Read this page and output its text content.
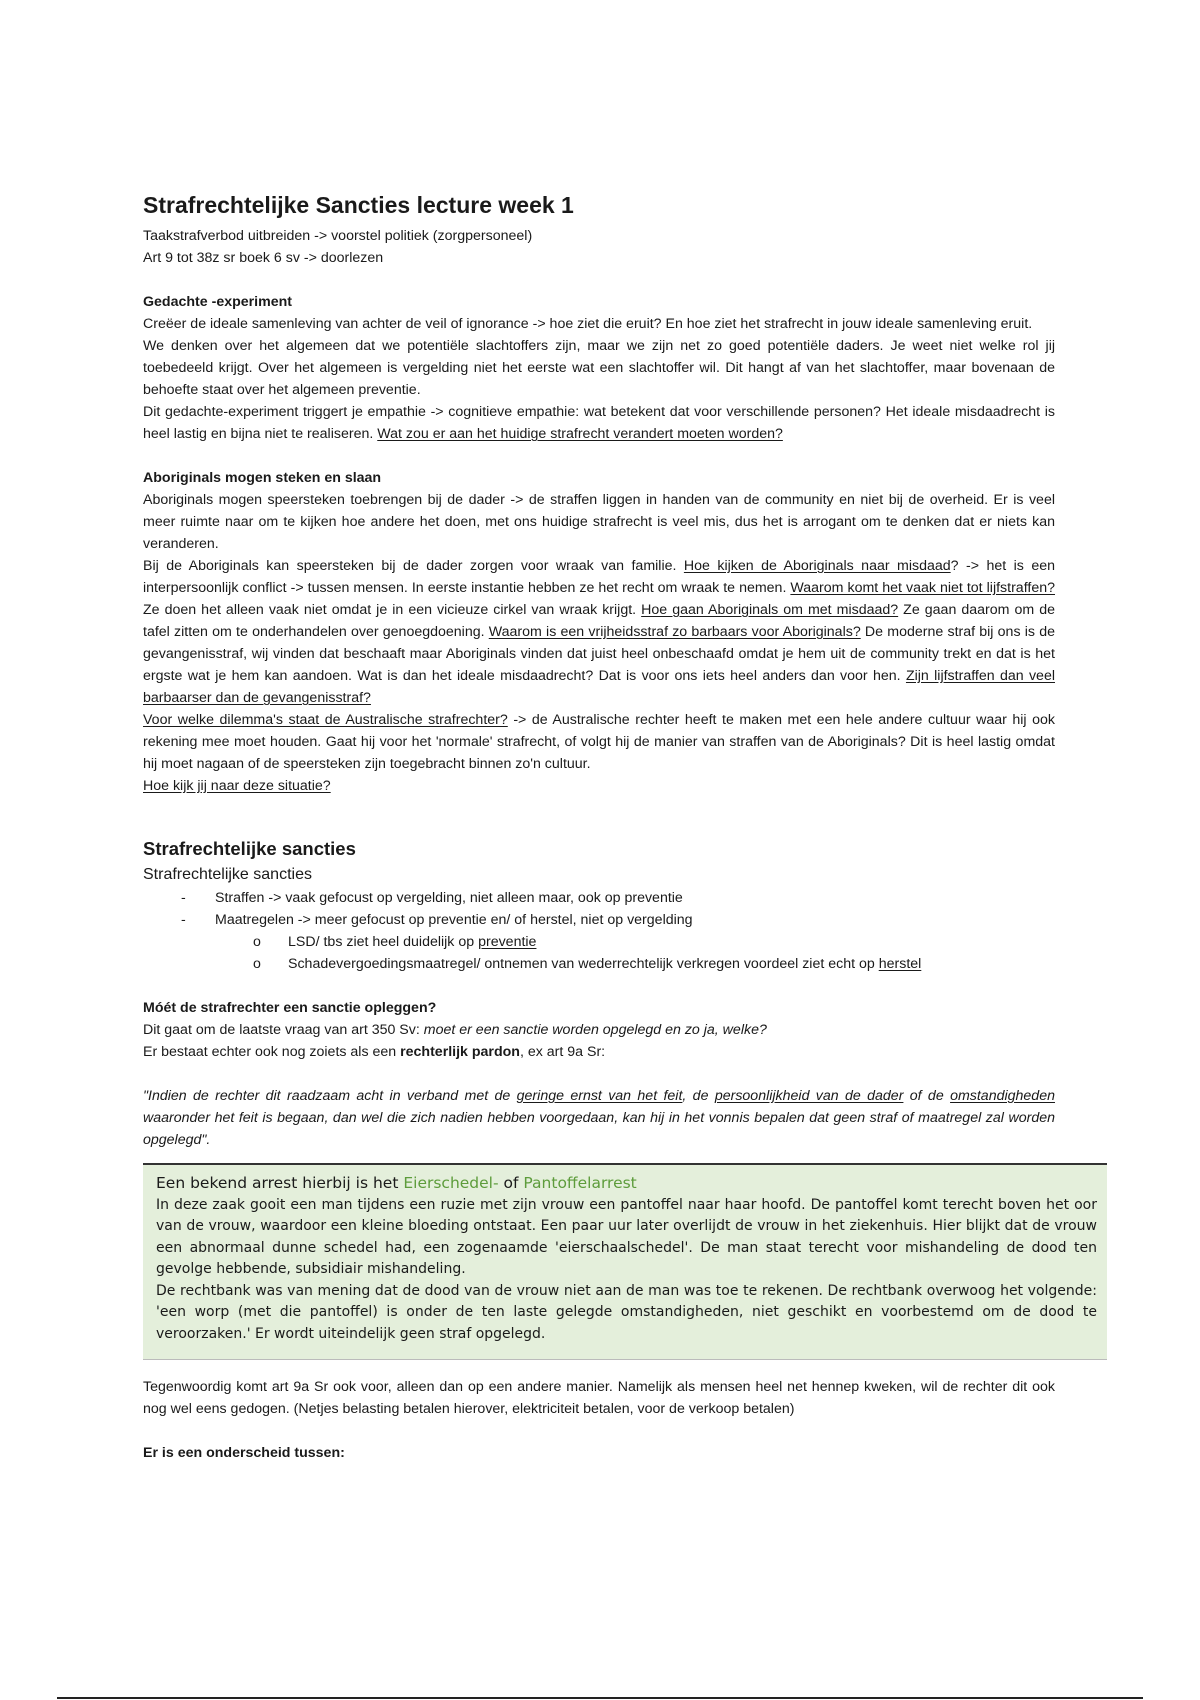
Strafrechtelijke Sancties lecture week 1

Taakstrafverbod uitbreiden -> voorstel politiek (zorgpersoneel)

Art 9 tot 38z sr boek 6 sv -> doorlezen

Gedachte -experiment

Creëer de ideale samenleving van achter de veil of ignorance -> hoe ziet die eruit? En hoe ziet het strafrecht in jouw ideale samenleving eruit.

We denken over het algemeen dat we potentiële slachtoffers zijn, maar we zijn net zo goed potentiële daders. Je weet niet welke rol jij toebedeeld krijgt. Over het algemeen is vergelding niet het eerste wat een slachtoffer wil. Dit hangt af van het slachtoffer, maar bovenaan de behoefte staat over het algemeen preventie.

Dit gedachte-experiment triggert je empathie -> cognitieve empathie: wat betekent dat voor verschillende personen? Het ideale misdaadrecht is heel lastig en bijna niet te realiseren. Wat zou er aan het huidige strafrecht verandert moeten worden?

Aboriginals mogen steken en slaan

Aboriginals mogen speersteken toebrengen bij de dader -> de straffen liggen in handen van de community en niet bij de overheid. Er is veel meer ruimte naar om te kijken hoe andere het doen, met ons huidige strafrecht is veel mis, dus het is arrogant om te denken dat er niets kan veranderen.

Bij de Aboriginals kan speersteken bij de dader zorgen voor wraak van familie. Hoe kijken de Aboriginals naar misdaad? -> het is een interpersoonlijk conflict -> tussen mensen. In eerste instantie hebben ze het recht om wraak te nemen. Waarom komt het vaak niet tot lijfstraffen? Ze doen het alleen vaak niet omdat je in een vicieuze cirkel van wraak krijgt. Hoe gaan Aboriginals om met misdaad? Ze gaan daarom om de tafel zitten om te onderhandelen over genoegdoening. Waarom is een vrijheidsstraf zo barbaars voor Aboriginals? De moderne straf bij ons is de gevangenisstraf, wij vinden dat beschaaft maar Aboriginals vinden dat juist heel onbeschaafd omdat je hem uit de community trekt en dat is het ergste wat je hem kan aandoen. Wat is dan het ideale misdaadrecht? Dat is voor ons iets heel anders dan voor hen. Zijn lijfstraffen dan veel barbaarser dan de gevangenisstraf?

Voor welke dilemma's staat de Australische strafrechter? -> de Australische rechter heeft te maken met een hele andere cultuur waar hij ook rekening mee moet houden. Gaat hij voor het 'normale' strafrecht, of volgt hij de manier van straffen van de Aboriginals? Dit is heel lastig omdat hij moet nagaan of de speersteken zijn toegebracht binnen zo'n cultuur.

Hoe kijk jij naar deze situatie?

Strafrechtelijke sancties

Strafrechtelijke sancties

- Straffen -> vaak gefocust op vergelding, niet alleen maar, ook op preventie
- Maatregelen -> meer gefocust op preventie en/ of herstel, niet op vergelding
o LSD/ tbs ziet heel duidelijk op preventie
o Schadevergoedingsmaatregel/ ontnemen van wederrechtelijk verkregen voordeel ziet echt op herstel

Móét de strafrechter een sanctie opleggen?

Dit gaat om de laatste vraag van art 350 Sv: moet er een sanctie worden opgelegd en zo ja, welke?

Er bestaat echter ook nog zoiets als een rechterlijk pardon, ex art 9a Sr:

"Indien de rechter dit raadzaam acht in verband met de geringe ernst van het feit, de persoonlijkheid van de dader of de omstandigheden waaronder het feit is begaan, dan wel die zich nadien hebben voorgedaan, kan hij in het vonnis bepalen dat geen straf of maatregel zal worden opgelegd".

Een bekend arrest hierbij is het Eierschedel- of Pantoffelarrest

In deze zaak gooit een man tijdens een ruzie met zijn vrouw een pantoffel naar haar hoofd. De pantoffel komt terecht boven het oor van de vrouw, waardoor een kleine bloeding ontstaat. Een paar uur later overlijdt de vrouw in het ziekenhuis. Hier blijkt dat de vrouw een abnormaal dunne schedel had, een zogenaamde 'eierschaalschedel'. De man staat terecht voor mishandeling de dood ten gevolge hebbende, subsidiair mishandeling.

De rechtbank was van mening dat de dood van de vrouw niet aan de man was toe te rekenen. De rechtbank overwoog het volgende: 'een worp (met die pantoffel) is onder de ten laste gelegde omstandigheden, niet geschikt en voorbestemd om de dood te veroorzaken.' Er wordt uiteindelijk geen straf opgelegd.

Tegenwoordig komt art 9a Sr ook voor, alleen dan op een andere manier. Namelijk als mensen heel net hennep kweken, wil de rechter dit ook nog wel eens gedogen. (Netjes belasting betalen hierover, elektriciteit betalen, voor de verkoop betalen)

Er is een onderscheid tussen:
